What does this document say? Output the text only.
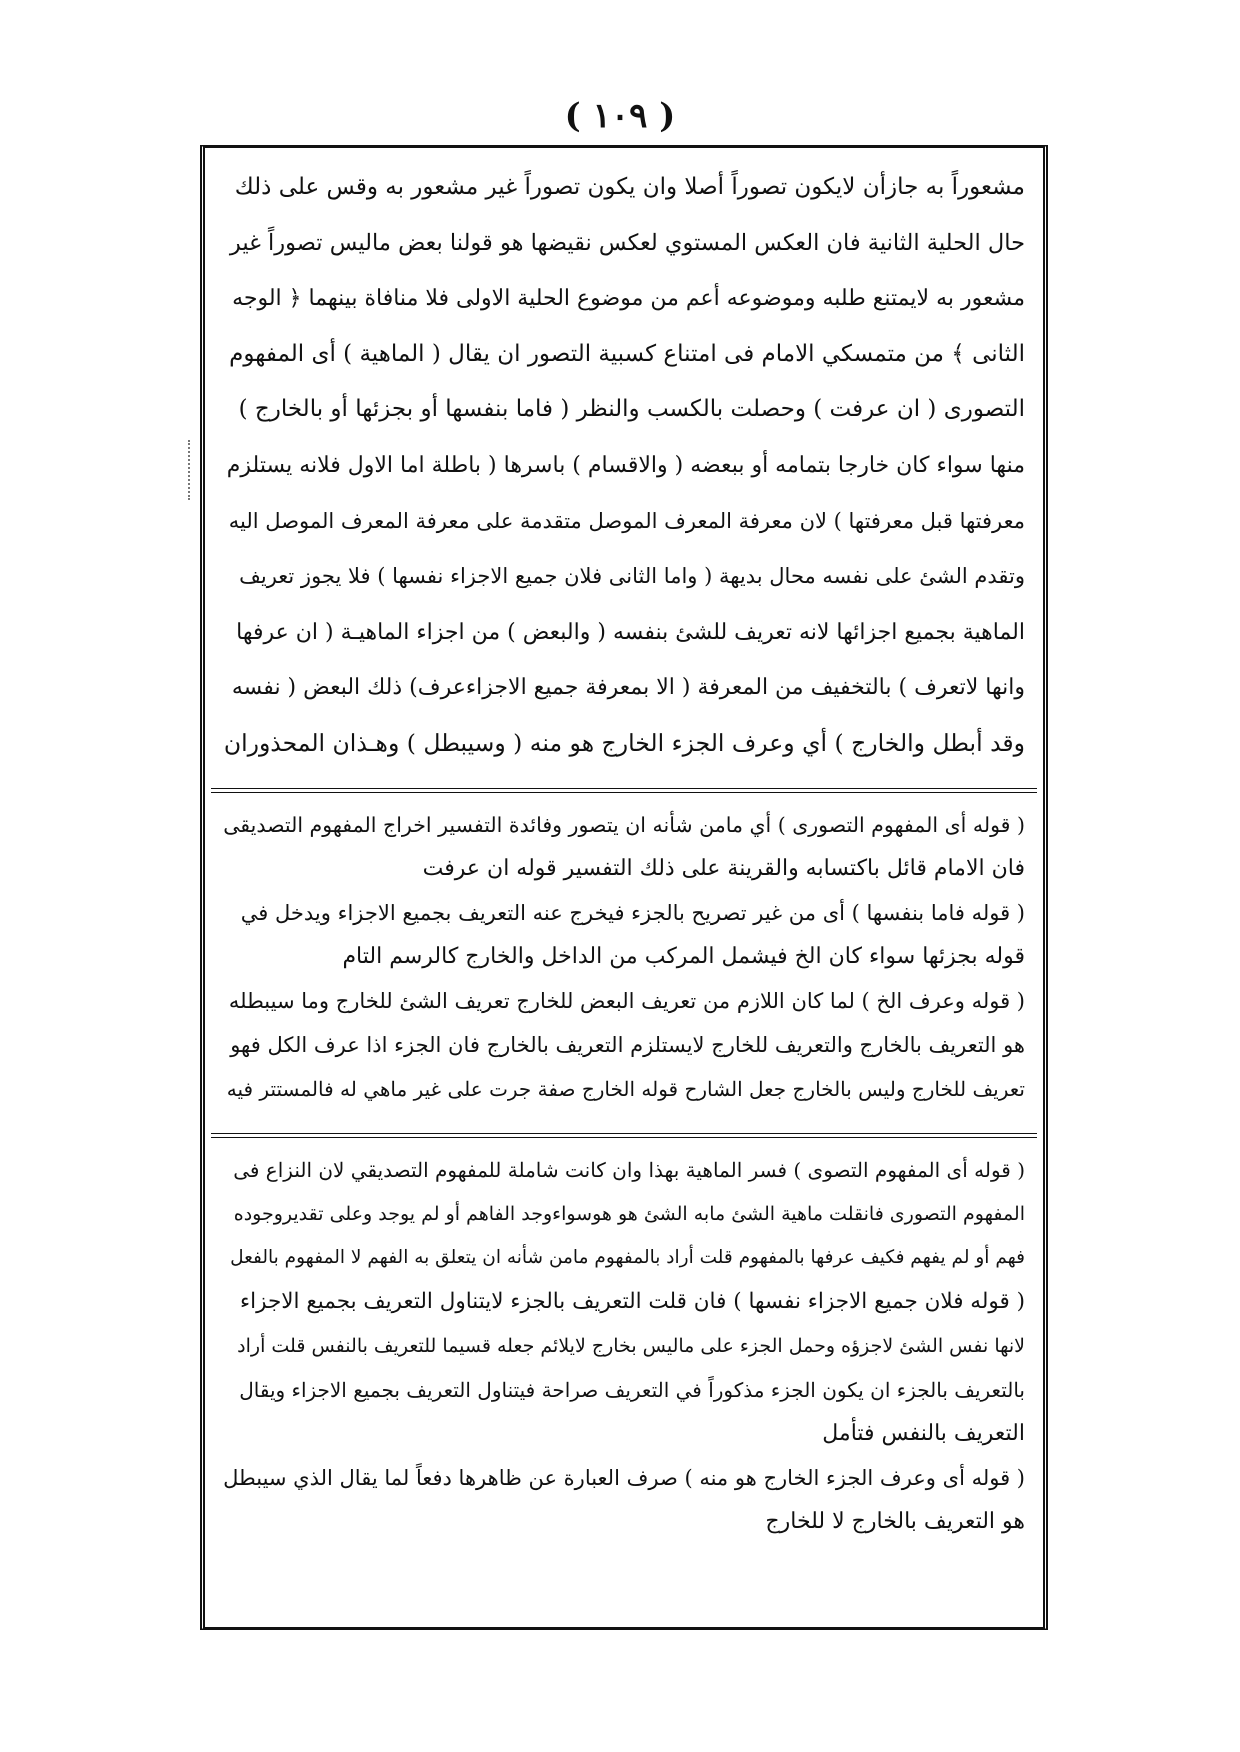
( ١٠٩ )
مشعوراً به جازأن لايكون تصوراً أصلا وان يكون تصوراً غير مشعور به وقس على ذلك
حال الحلية الثانية فان العكس المستوي لعكس نقيضها هو قولنا بعض ماليس تصوراً غير
مشعور به لايمتنع طلبه وموضوعه أعم من موضوع الحلية الاولى فلا منافاة بينهما ﴿ الوجه
الثانى ﴾ من متمسكي الامام فى امتناع كسبية التصور ان يقال ( الماهية ) أى المفهوم
التصورى ( ان عرفت ) وحصلت بالكسب والنظر ( فاما بنفسها أو بجزئها أو بالخارج )
منها سواء كان خارجا بتمامه أو ببعضه ( والاقسام ) باسرها ( باطلة اما الاول فلانه يستلزم
معرفتها قبل معرفتها ) لان معرفة المعرف الموصل متقدمة على معرفة المعرف الموصل اليه
وتقدم الشئ على نفسه محال بديهة ( واما الثانى فلان جميع الاجزاء نفسها ) فلا يجوز تعريف
الماهية بجميع اجزائها لانه تعريف للشئ بنفسه ( والبعض ) من اجزاء الماهيـة ( ان عرفها
وانها لاتعرف ) بالتخفيف من المعرفة ( الا بمعرفة جميع الاجزاءعرف) ذلك البعض ( نفسه
وقد أبطل والخارج ) أي وعرف الجزء الخارج هو منه ( وسيبطل ) وهـذان المحذوران
( قوله أى المفهوم التصورى ) أي مامن شأنه ان يتصور وفائدة التفسير اخراج المفهوم التصديقى
فان الامام قائل باكتسابه والقرينة على ذلك التفسير قوله ان عرفت
( قوله فاما بنفسها ) أى من غير تصريح بالجزء فيخرج عنه التعريف بجميع الاجزاء ويدخل في
قوله بجزئها سواء كان الخ فيشمل المركب من الداخل والخارج كالرسم التام
( قوله وعرف الخ ) لما كان اللازم من تعريف البعض للخارج تعريف الشئ للخارج وما سيبطله
هو التعريف بالخارج والتعريف للخارج لايستلزم التعريف بالخارج فان الجزء اذا عرف الكل فهو
تعريف للخارج وليس بالخارج جعل الشارح قوله الخارج صفة جرت على غير ماهي له فالمستتر فيه
( قوله أى المفهوم التصوى ) فسر الماهية بهذا وان كانت شاملة للمفهوم التصديقي لان النزاع فى
المفهوم التصورى فانقلت ماهية الشئ مابه الشئ هو هوسواءوجد الفاهم أو لم يوجد وعلى تقديروجوده
فهم أو لم يفهم فكيف عرفها بالمفهوم قلت أراد بالمفهوم مامن شأنه ان يتعلق به الفهم لا المفهوم بالفعل
( قوله فلان جميع الاجزاء نفسها ) فان قلت التعريف بالجزء لايتناول التعريف بجميع الاجزاء
لانها نفس الشئ لاجزؤه وحمل الجزء على ماليس بخارج لايلائم جعله قسيما للتعريف بالنفس قلت أراد
بالتعريف بالجزء ان يكون الجزء مذكوراً في التعريف صراحة فيتناول التعريف بجميع الاجزاء ويقال
التعريف بالنفس فتأمل
( قوله أى وعرف الجزء الخارج هو منه ) صرف العبارة عن ظاهرها دفعاً لما يقال الذي سيبطل
هو التعريف بالخارج لا للخارج
